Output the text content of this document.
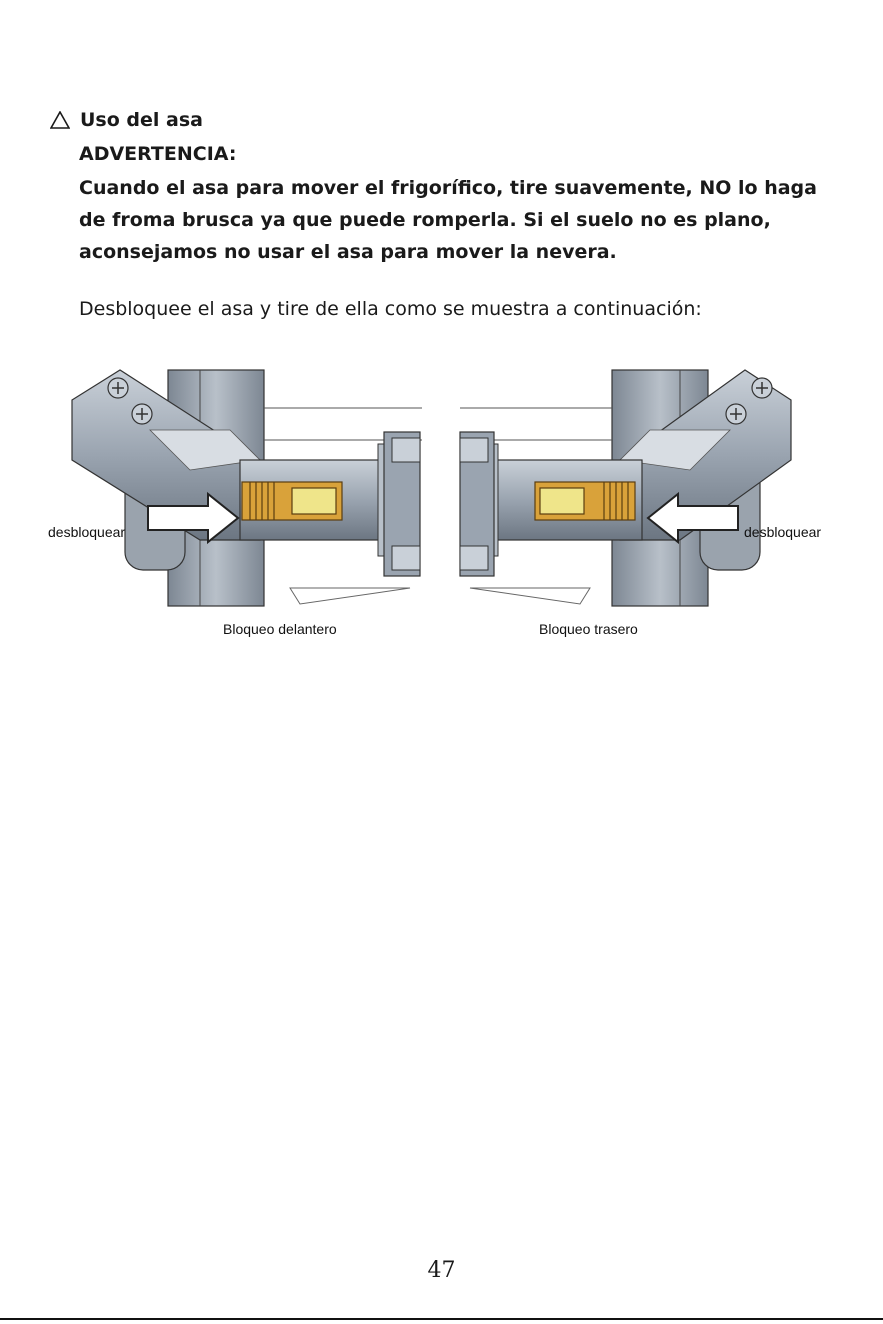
Uso del asa
ADVERTENCIA:

Cuando el asa para mover el frigorífico, tire suavemente, NO lo haga de froma brusca ya que puede romperla. Si el suelo no es plano, aconsejamos no usar el asa para mover la nevera.

Desbloquee el asa y tire de ella como se muestra a continuación:
desbloquear	desbloquear
Bloqueo delantero	Bloqueo trasero
47
